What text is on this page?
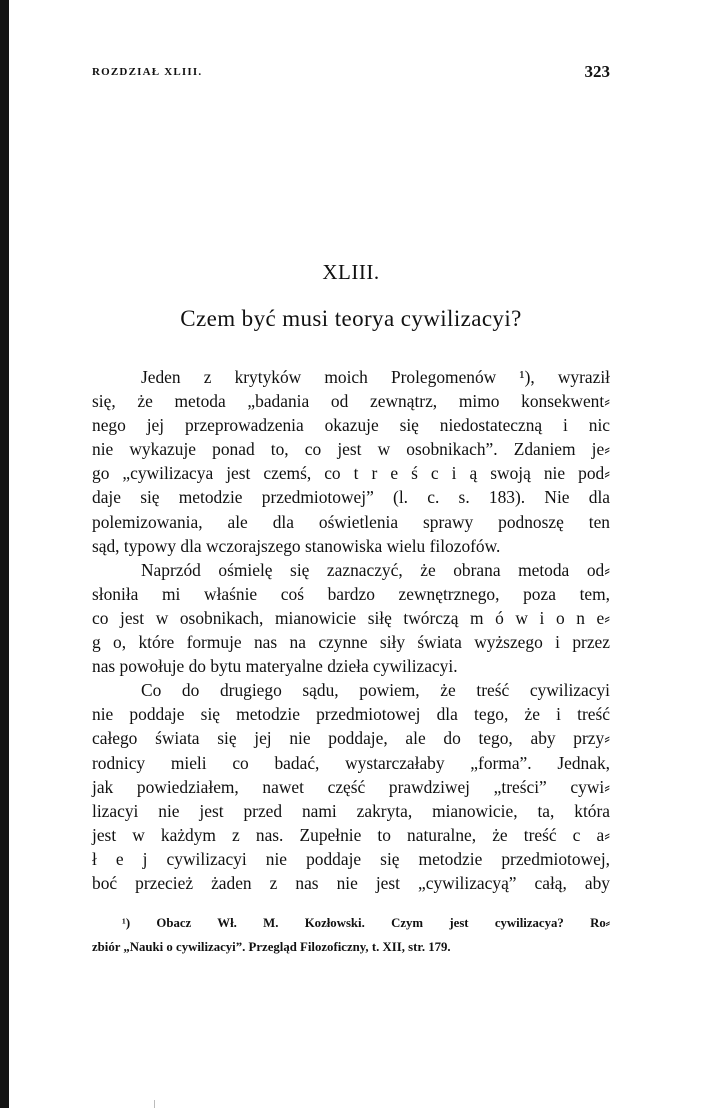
ROZDZIAŁ XLIII.	323
XLIII.
Czem być musi teorya cywilizacyi?
Jeden z krytyków moich Prolegomenów ¹), wyraził
się, że metoda „badania od zewnątrz, mimo konsekwent⸗
nego jej przeprowadzenia okazuje się niedostateczną i nic
nie wykazuje ponad to, co jest w osobnikach”. Zdaniem je⸗
go „cywilizacya jest czemś, co t r e ś c i ą swoją nie pod⸗
daje się metodzie przedmiotowej” (l. c. s. 183). Nie dla
polemizowania, ale dla oświetlenia sprawy podnoszę ten
sąd, typowy dla wczorajszego stanowiska wielu filozofów.
Naprzód ośmielę się zaznaczyć, że obrana metoda od⸗
słoniła mi właśnie coś bardzo zewnętrznego, poza tem,
co jest w osobnikach, mianowicie siłę twórczą m ó w i o n e⸗
g o, które formuje nas na czynne siły świata wyższego i przez
nas powołuje do bytu materyalne dzieła cywilizacyi.
Co do drugiego sądu, powiem, że treść cywilizacyi
nie poddaje się metodzie przedmiotowej dla tego, że i treść
całego świata się jej nie poddaje, ale do tego, aby przy⸗
rodnicy mieli co badać, wystarczałaby „forma”. Jednak,
jak powiedziałem, nawet część prawdziwej „treści” cywi⸗
lizacyi nie jest przed nami zakryta, mianowicie, ta, która
jest w każdym z nas. Zupełnie to naturalne, że treść c a⸗
ł e j cywilizacyi nie poddaje się metodzie przedmiotowej,
boć przecież żaden z nas nie jest „cywilizacyą” całą, aby
¹) Obacz Wł. M. Kozłowski. Czym jest cywilizacya? Ro⸗
zbiór „Nauki o cywilizacyi”. Przegląd Filozoficzny, t. XII, str. 179.
